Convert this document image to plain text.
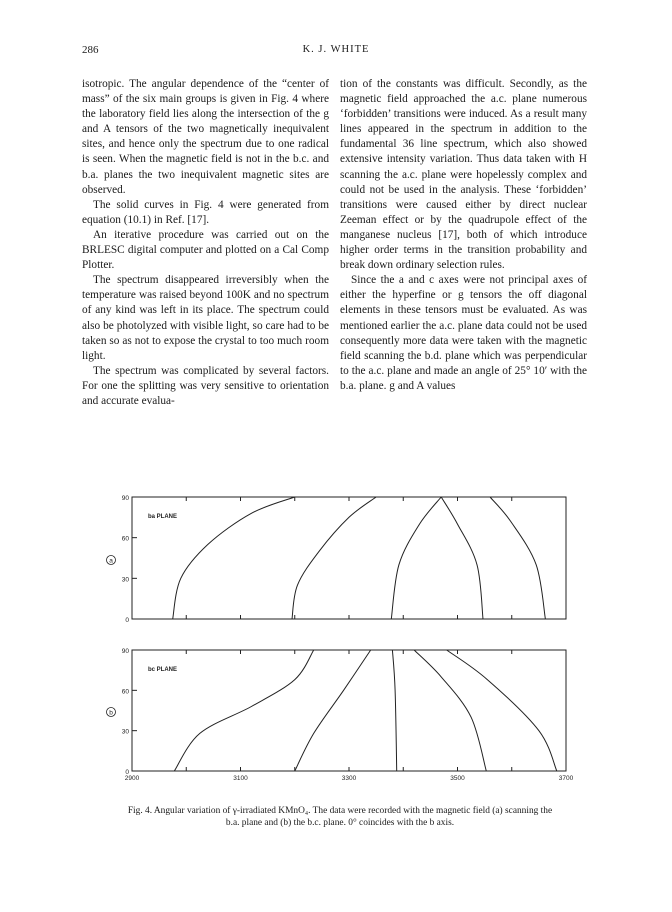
286	K. J. WHITE

isotropic. The angular dependence of the “center of mass” of the six main groups is given in Fig. 4 where the laboratory field lies along the intersection of the g and A tensors of the two magnetically inequivalent sites, and hence only the spectrum due to one radical is seen. When the magnetic field is not in the b.c. and b.a. planes the two inequivalent magnetic sites are observed.

The solid curves in Fig. 4 were generated from equation (10.1) in Ref. [17].

An iterative procedure was carried out on the BRLESC digital computer and plotted on a Cal Comp Plotter.

The spectrum disappeared irreversibly when the temperature was raised beyond 100K and no spectrum of any kind was left in its place. The spectrum could also be photolyzed with visible light, so care had to be taken so as not to expose the crystal to too much room light.

The spectrum was complicated by several factors. For one the splitting was very sensitive to orientation and accurate evalua-

tion of the constants was difficult. Secondly, as the magnetic field approached the a.c. plane numerous ‘forbidden’ transitions were induced. As a result many lines appeared in the spectrum in addition to the fundamental 36 line spectrum, which also showed extensive intensity variation. Thus data taken with H scanning the a.c. plane were hopelessly complex and could not be used in the analysis. These ‘forbidden’ transitions were caused either by direct nuclear Zeeman effect or by the quadrupole effect of the manganese nucleus [17], both of which introduce higher order terms in the transition probability and break down ordinary selection rules.

Since the a and c axes were not principal axes of either the hyperfine or g tensors the off diagonal elements in these tensors must be evaluated. As was mentioned earlier the a.c. plane data could not be used consequently more data were taken with the magnetic field scanning the b.d. plane which was perpendicular to the a.c. plane and made an angle of 25° 10′ with the b.a. plane. g and A values

90
60
30
0
ba PLANE
a
90
60
30
0
2900	3100	3300	3500	3700
bc PLANE
b
Fig. 4. Angular variation of γ-irradiated KMnO₄. The data were recorded with the magnetic field (a) scanning the b.a. plane and (b) the b.c. plane. 0° coincides with the b axis.
